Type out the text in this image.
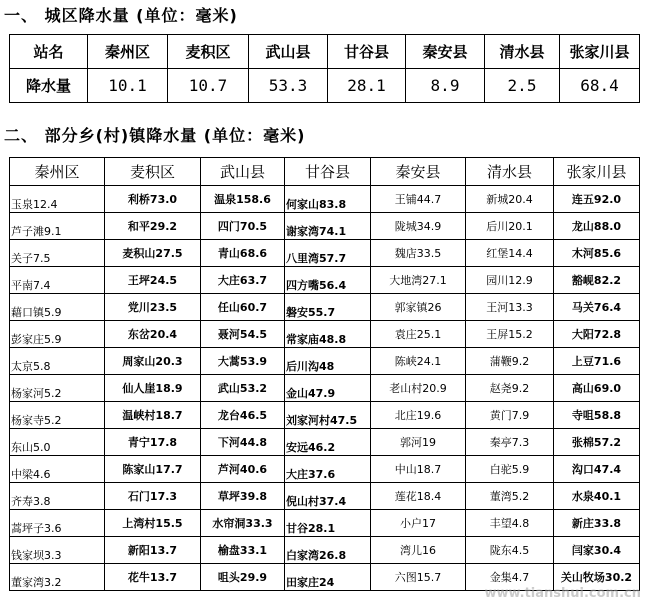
一、 城区降水量 (单位：毫米)
站名	秦州区	麦积区	武山县	甘谷县	秦安县	清水县	张家川县
降水量	10.1	10.7	53.3	28.1	8.9	2.5	68.4
二、 部分乡(村)镇降水量 (单位：毫米)
秦州区	麦积区	武山县	甘谷县	秦安县	清水县	张家川县
玉泉12.4	利桥73.0	温泉158.6	何家山83.8	王铺44.7	新城20.4	连五92.0
芦子滩9.1	和平29.2	四门70.5	谢家湾74.1	陇城34.9	后川20.1	龙山88.0
关子7.5	麦积山27.5	青山68.6	八里湾57.7	魏店33.5	红堡14.4	木河85.6
平南7.4	王坪24.5	大庄63.7	四方嘴56.4	大地湾27.1	园川12.9	豁岘82.2
藉口镇5.9	党川23.5	任山60.7	磐安55.7	郭家镇26	王河13.3	马关76.4
彭家庄5.9	东岔20.4	聂河54.5	常家庙48.8	袁庄25.1	王屏15.2	大阳72.8
太京5.8	周家山20.3	大蒿53.9	后川沟48	陈峡24.1	蒲鞭9.2	上豆71.6
杨家河5.2	仙人崖18.9	武山53.2	金山47.9	老山村20.9	赵尧9.2	高山69.0
杨家寺5.2	温峡村18.7	龙台46.5	刘家河村47.5	北庄19.6	黄门7.9	寺咀58.8
东山5.0	青宁17.8	下河44.8	安远46.2	郭河19	秦亭7.3	张棉57.2
中梁4.6	陈家山17.7	芦河40.6	大庄37.6	中山18.7	白驼5.9	沟口47.4
齐寿3.8	石门17.3	草坪39.8	倪山村37.4	莲花18.4	董湾5.2	水泉40.1
蒿坪子3.6	上湾村15.5	水帘洞33.3	甘谷28.1	小户17	丰望4.8	新庄33.8
钱家坝3.3	新阳13.7	榆盘33.1	白家湾26.8	湾儿16	陇东4.5	闫家30.4
董家湾3.2	花牛13.7	咀头29.9	田家庄24	六图15.7	金集4.7	关山牧场30.2
www.tianshui.com.cn
